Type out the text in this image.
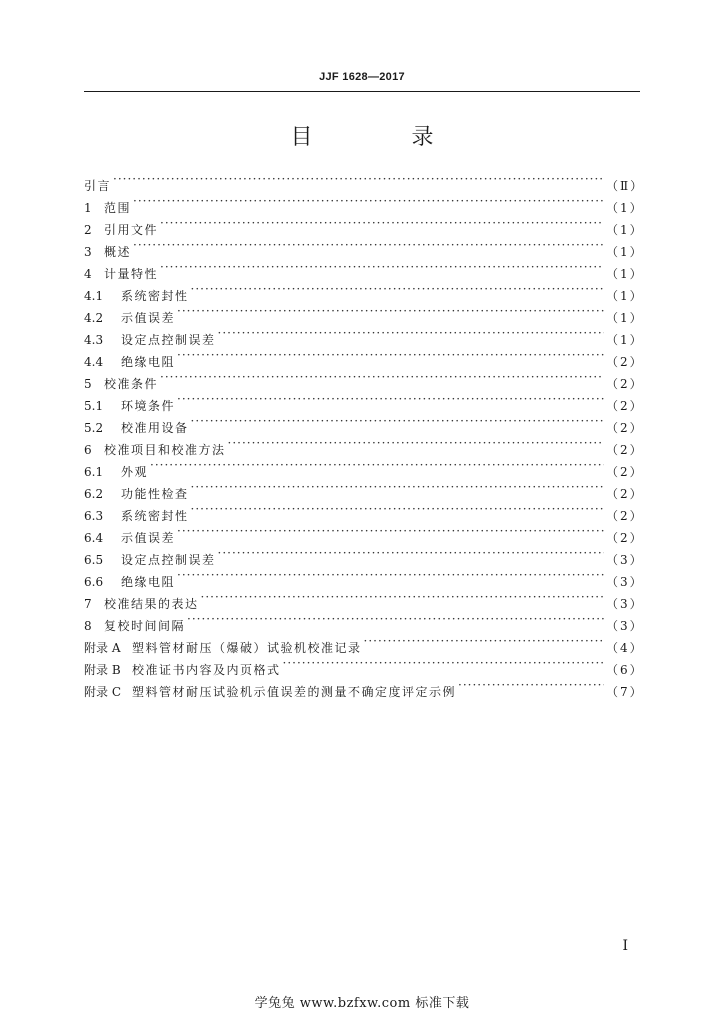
JJF 1628—2017
目 录
引言 ·····	（Ⅱ）
1	范围 ·····	（1）
2	引用文件 ·····	（1）
3	概述 ·····	（1）
4	计量特性 ·····	（1）
4.1	系统密封性 ·····	（1）
4.2	示值误差 ·····	（1）
4.3	设定点控制误差 ·····	（1）
4.4	绝缘电阻 ·····	（2）
5	校准条件 ·····	（2）
5.1	环境条件 ·····	（2）
5.2	校准用设备 ·····	（2）
6	校准项目和校准方法 ·····	（2）
6.1	外观 ·····	（2）
6.2	功能性检查 ·····	（2）
6.3	系统密封性 ·····	（2）
6.4	示值误差 ·····	（2）
6.5	设定点控制误差 ·····	（3）
6.6	绝缘电阻 ·····	（3）
7	校准结果的表达 ·····	（3）
8	复校时间间隔 ·····	（3）
附录 A 塑料管材耐压（爆破）试验机校准记录 ·····	（4）
附录 B 校准证书内容及内页格式 ·····	（6）
附录 C 塑料管材耐压试验机示值误差的测量不确定度评定示例 ·····	（7）
I
学兔兔 www.bzfxw.com 标准下载
